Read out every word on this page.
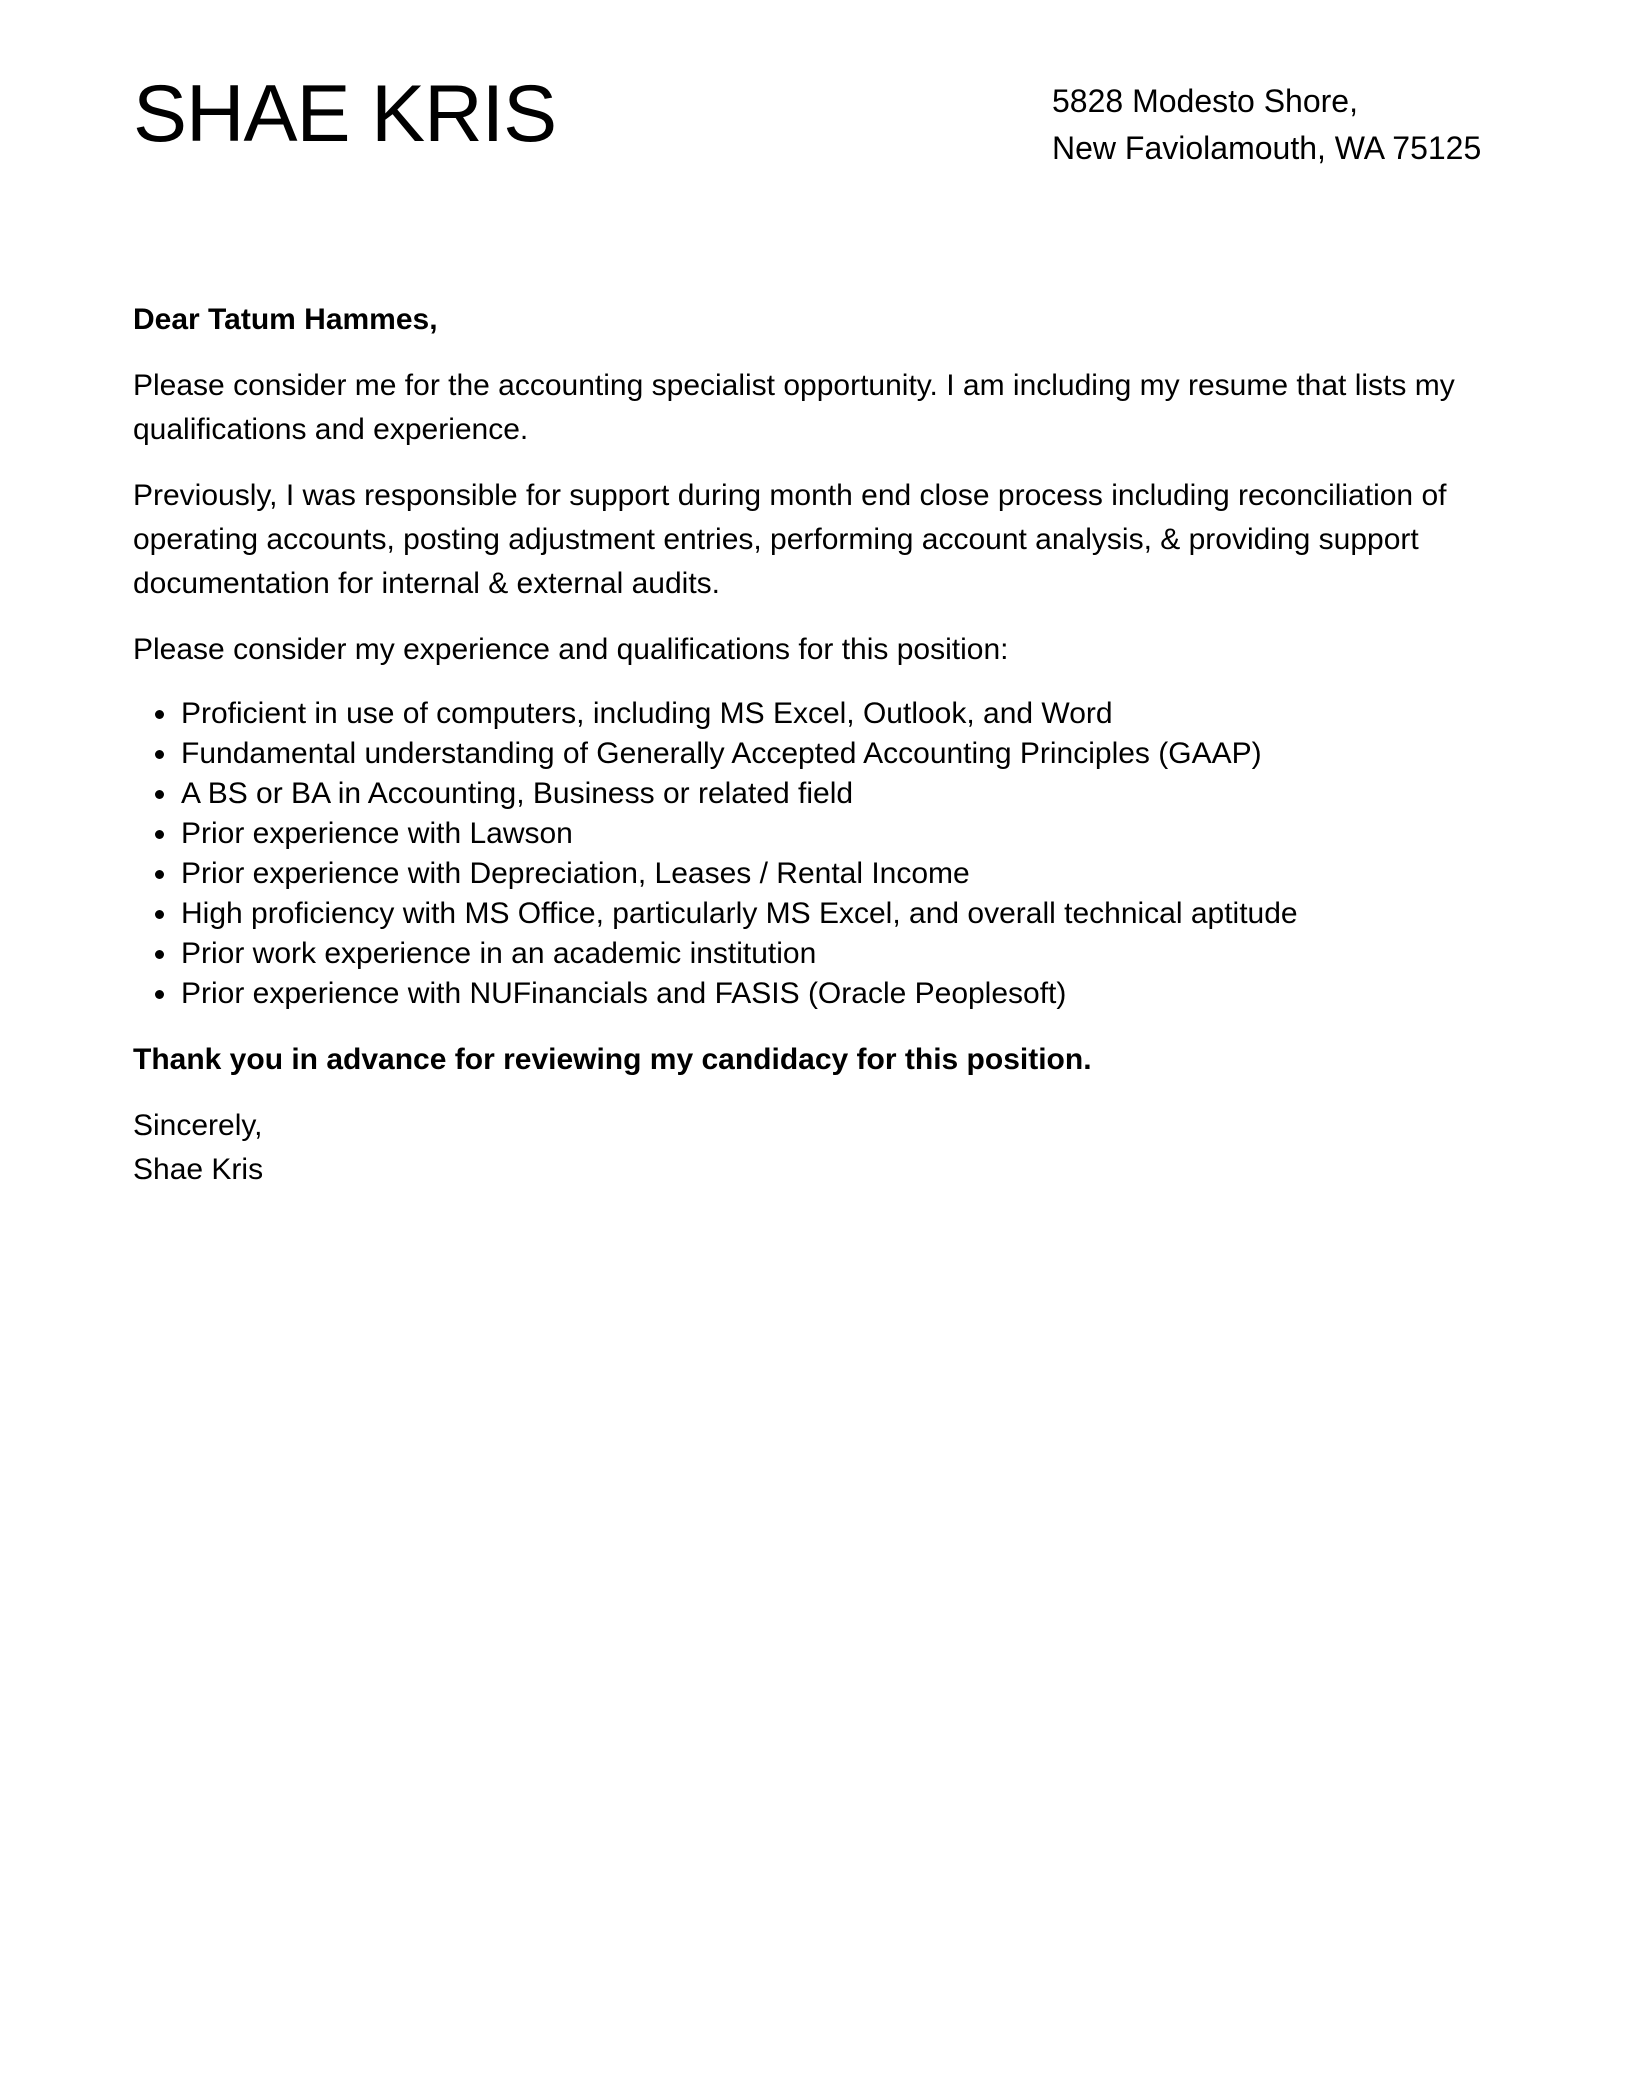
SHAE KRIS	5828 Modesto Shore,
New Faviolamouth, WA 75125

Dear Tatum Hammes,

Please consider me for the accounting specialist opportunity. I am including my resume that lists my qualifications and experience.

Previously, I was responsible for support during month end close process including reconciliation of operating accounts, posting adjustment entries, performing account analysis, & providing support documentation for internal & external audits.

Please consider my experience and qualifications for this position:

Proficient in use of computers, including MS Excel, Outlook, and Word
Fundamental understanding of Generally Accepted Accounting Principles (GAAP)
A BS or BA in Accounting, Business or related field
Prior experience with Lawson
Prior experience with Depreciation, Leases / Rental Income
High proficiency with MS Office, particularly MS Excel, and overall technical aptitude
Prior work experience in an academic institution
Prior experience with NUFinancials and FASIS (Oracle Peoplesoft)

Thank you in advance for reviewing my candidacy for this position.

Sincerely,
Shae Kris
